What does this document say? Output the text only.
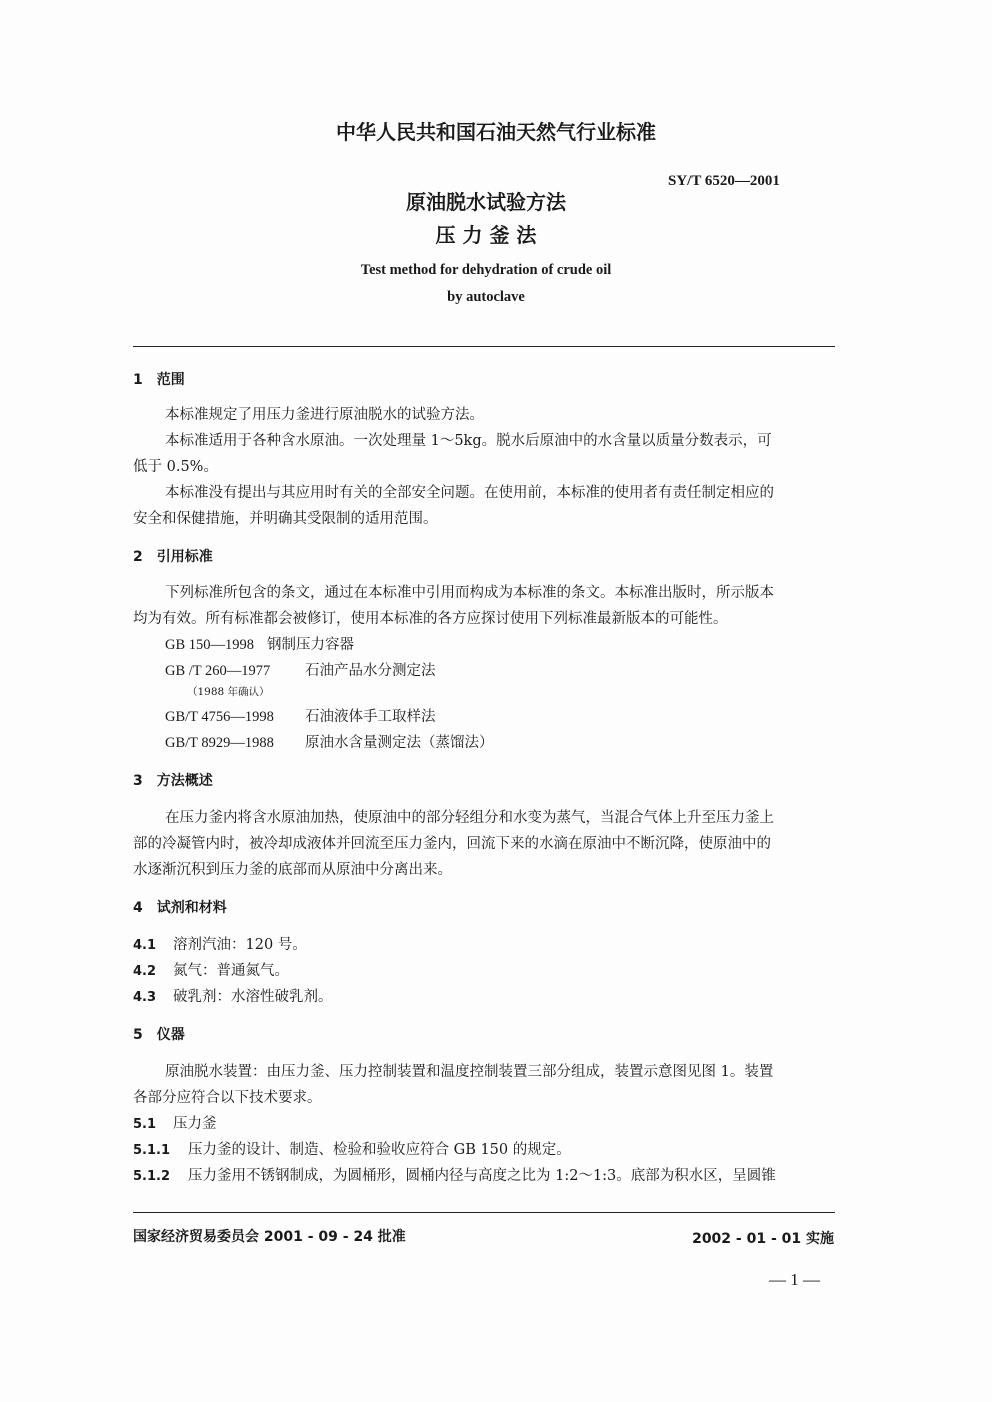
中华人民共和国石油天然气行业标准
SY/T 6520—2001
原油脱水试验方法
压 力 釜 法
Test method for dehydration of crude oil
by autoclave
1　范围
本标准规定了用压力釜进行原油脱水的试验方法。
本标准适用于各种含水原油。一次处理量 1～5kg。脱水后原油中的水含量以质量分数表示，可
低于 0.5%。
本标准没有提出与其应用时有关的全部安全问题。在使用前，本标准的使用者有责任制定相应的
安全和保健措施，并明确其受限制的适用范围。
2　引用标准
下列标准所包含的条文，通过在本标准中引用而构成为本标准的条文。本标准出版时，所示版本
均为有效。所有标准都会被修订，使用本标准的各方应探讨使用下列标准最新版本的可能性。
GB 150—1998 钢制压力容器
GB /T 260—1977 石油产品水分测定法
（1988 年确认）
GB/T 4756—1998 石油液体手工取样法
GB/T 8929—1988 原油水含量测定法（蒸馏法）
3　方法概述
在压力釜内将含水原油加热，使原油中的部分轻组分和水变为蒸气，当混合气体上升至压力釜上
部的冷凝管内时，被冷却成液体并回流至压力釜内，回流下来的水滴在原油中不断沉降，使原油中的
水逐渐沉积到压力釜的底部而从原油中分离出来。
4　试剂和材料
4.1 溶剂汽油：120 号。
4.2 氮气：普通氮气。
4.3 破乳剂：水溶性破乳剂。
5　仪器
原油脱水装置：由压力釜、压力控制装置和温度控制装置三部分组成，装置示意图见图 1。装置
各部分应符合以下技术要求。
5.1 压力釜
5.1.1 压力釜的设计、制造、检验和验收应符合 GB 150 的规定。
5.1.2 压力釜用不锈钢制成，为圆桶形，圆桶内径与高度之比为 1:2～1:3。底部为积水区，呈圆锥
国家经济贸易委员会 2001 - 09 - 24 批准	2002 - 01 - 01 实施
— 1 —
